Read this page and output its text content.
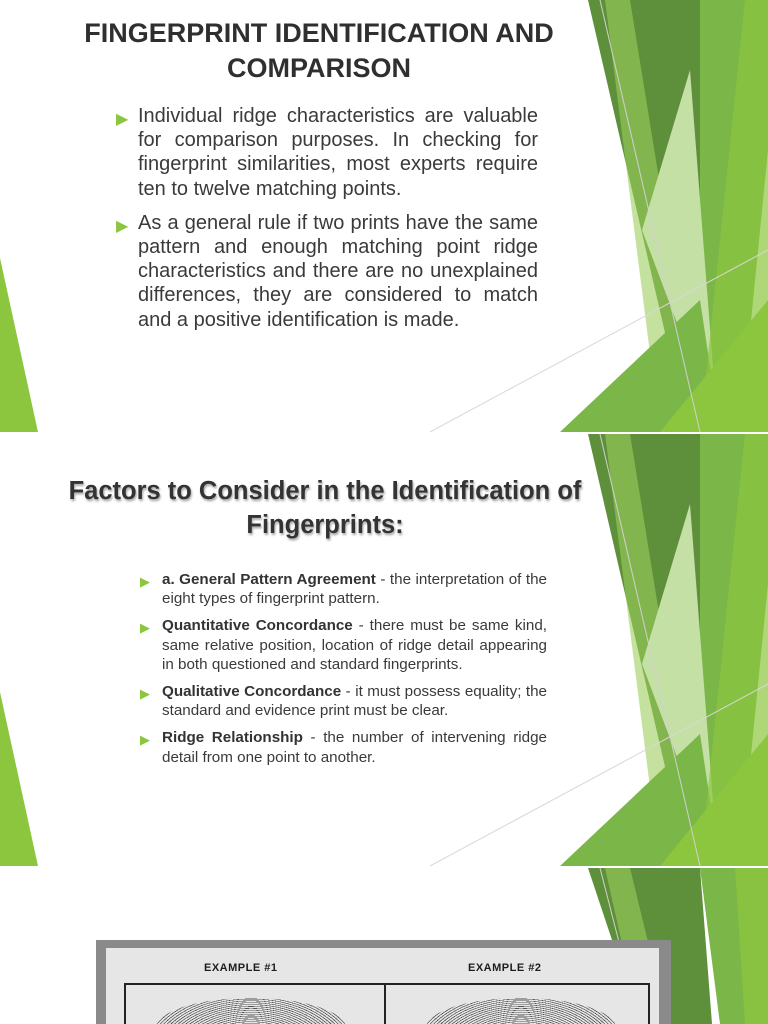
FINGERPRINT IDENTIFICATION AND COMPARISON
▶ Individual ridge characteristics are valuable for comparison purposes. In checking for fingerprint similarities, most experts require ten to twelve matching points.
▶ As a general rule if two prints have the same pattern and enough matching point ridge characteristics and there are no unexplained differences, they are considered to match and a positive identification is made.
Factors to Consider in the Identification of Fingerprints:
▶ a. General Pattern Agreement - the interpretation of the eight types of fingerprint pattern.
▶ Quantitative Concordance - there must be same kind, same relative position, location of ridge detail appearing in both questioned and standard fingerprints.
▶ Qualitative Concordance - it must possess equality; the standard and evidence print must be clear.
▶ Ridge Relationship - the number of intervening ridge detail from one point to another.
EXAMPLE #1	EXAMPLE #2
